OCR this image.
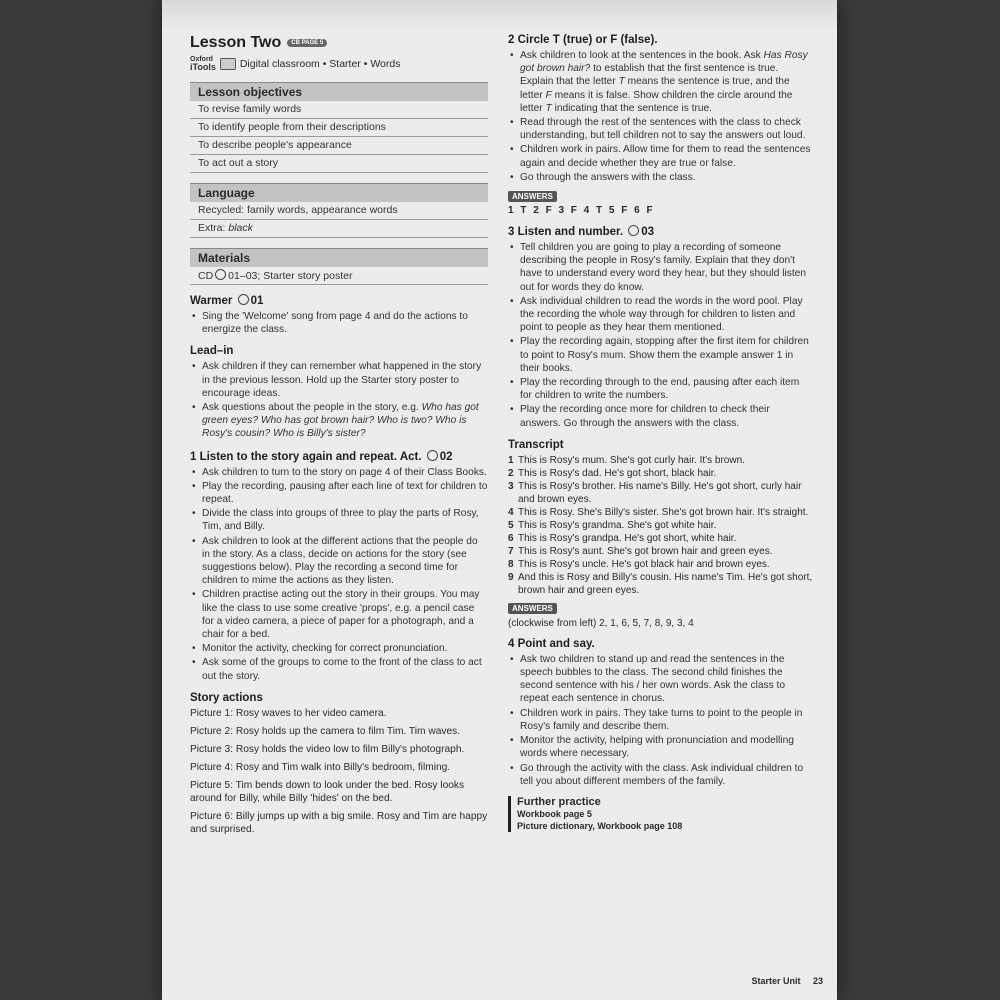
Lesson Two	CB PAGE 5
Oxford
iTools Digital classroom • Starter • Words
Lesson objectives
To revise family words
To identify people from their descriptions
To describe people's appearance
To act out a story
Language
Recycled: family words, appearance words
Extra: black
Materials
CD 01–03; Starter story poster
Warmer 01
• Sing the 'Welcome' song from page 4 and do the actions to energize the class.
Lead–in
• Ask children if they can remember what happened in the story in the previous lesson. Hold up the Starter story poster to encourage ideas.
• Ask questions about the people in the story, e.g. Who has got green eyes? Who has got brown hair? Who is two? Who is Rosy's cousin? Who is Billy's sister?
1 Listen to the story again and repeat. Act. 02
• Ask children to turn to the story on page 4 of their Class Books.
• Play the recording, pausing after each line of text for children to repeat.
• Divide the class into groups of three to play the parts of Rosy, Tim, and Billy.
• Ask children to look at the different actions that the people do in the story. As a class, decide on actions for the story (see suggestions below). Play the recording a second time for children to mime the actions as they listen.
• Children practise acting out the story in their groups. You may like the class to use some creative 'props', e.g. a pencil case for a video camera, a piece of paper for a photograph, and a chair for a bed.
• Monitor the activity, checking for correct pronunciation.
• Ask some of the groups to come to the front of the class to act out the story.
Story actions

Picture 1: Rosy waves to her video camera.

Picture 2: Rosy holds up the camera to film Tim. Tim waves.

Picture 3: Rosy holds the video low to film Billy's photograph.

Picture 4: Rosy and Tim walk into Billy's bedroom, filming.

Picture 5: Tim bends down to look under the bed. Rosy looks around for Billy, while Billy 'hides' on the bed.

Picture 6: Billy jumps up with a big smile. Rosy and Tim are happy and surprised.

2 Circle T (true) or F (false).
• Ask children to look at the sentences in the book. Ask Has Rosy got brown hair? to establish that the first sentence is true. Explain that the letter T means the sentence is true, and the letter F means it is false. Show children the circle around the letter T indicating that the sentence is true.
• Read through the rest of the sentences with the class to check understanding, but tell children not to say the answers out loud.
• Children work in pairs. Allow time for them to read the sentences again and decide whether they are true or false.
• Go through the answers with the class.
ANSWERS
1 T 2 F 3 F 4 T 5 F 6 F
3 Listen and number. 03
• Tell children you are going to play a recording of someone describing the people in Rosy's family. Explain that they don't have to understand every word they hear, but they should listen out for words they do know.
• Ask individual children to read the words in the word pool. Play the recording the whole way through for children to listen and point to people as they hear them mentioned.
• Play the recording again, stopping after the first item for children to point to Rosy's mum. Show them the example answer 1 in their books.
• Play the recording through to the end, pausing after each item for children to write the numbers.
• Play the recording once more for children to check their answers. Go through the answers with the class.
Transcript
1 This is Rosy's mum. She's got curly hair. It's brown.
2 This is Rosy's dad. He's got short, black hair.
3 This is Rosy's brother. His name's Billy. He's got short, curly hair and brown eyes.
4 This is Rosy. She's Billy's sister. She's got brown hair. It's straight.
5 This is Rosy's grandma. She's got white hair.
6 This is Rosy's grandpa. He's got short, white hair.
7 This is Rosy's aunt. She's got brown hair and green eyes.
8 This is Rosy's uncle. He's got black hair and brown eyes.
9 And this is Rosy and Billy's cousin. His name's Tim. He's got short, brown hair and green eyes.
ANSWERS
(clockwise from left) 2, 1, 6, 5, 7, 8, 9, 3, 4
4 Point and say.
• Ask two children to stand up and read the sentences in the speech bubbles to the class. The second child finishes the second sentence with his / her own words. Ask the class to repeat each sentence in chorus.
• Children work in pairs. They take turns to point to the people in Rosy's family and describe them.
• Monitor the activity, helping with pronunciation and modelling words where necessary.
• Go through the activity with the class. Ask individual children to tell you about different members of the family.
Further practice
Workbook page 5
Picture dictionary, Workbook page 108
Starter Unit 23
